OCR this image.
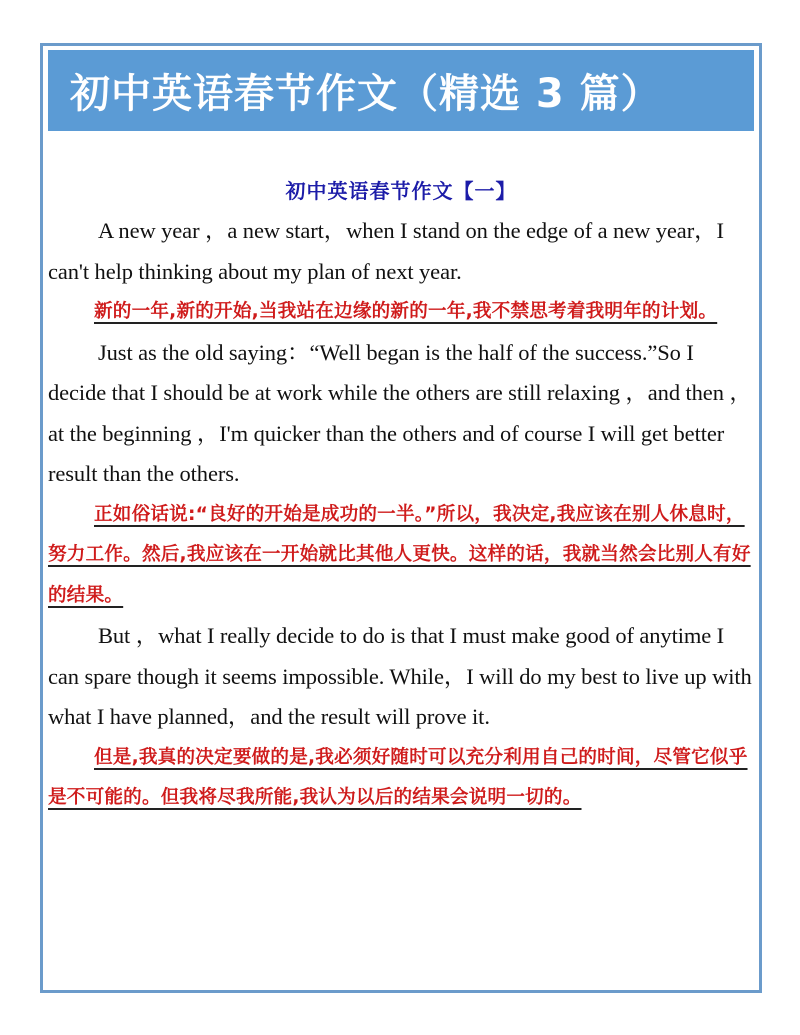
初中英语春节作文（精选 3 篇）
初中英语春节作文【一】

A new year ，a new start，when I stand on the edge of a new year，I can't help thinking about my plan of next year.

新的一年,新的开始,当我站在边缘的新的一年,我不禁思考着我明年的计划。

Just as the old saying：“Well began is the half of the success.”So I decide that I should be at work while the others are still relaxing ，and then ，at the beginning ，I'm quicker than the others and of course I will get better result than the others.

正如俗话说:“良好的开始是成功的一半。”所以，我决定,我应该在别人休息时，努力工作。然后,我应该在一开始就比其他人更快。这样的话，我就当然会比别人有好的结果。

But ，what I really decide to do is that I must make good of anytime I can spare though it seems impossible. While，I will do my best to live up with what I have planned，and the result will prove it.

但是,我真的决定要做的是,我必须好随时可以充分利用自己的时间，尽管它似乎是不可能的。但我将尽我所能,我认为以后的结果会说明一切的。
